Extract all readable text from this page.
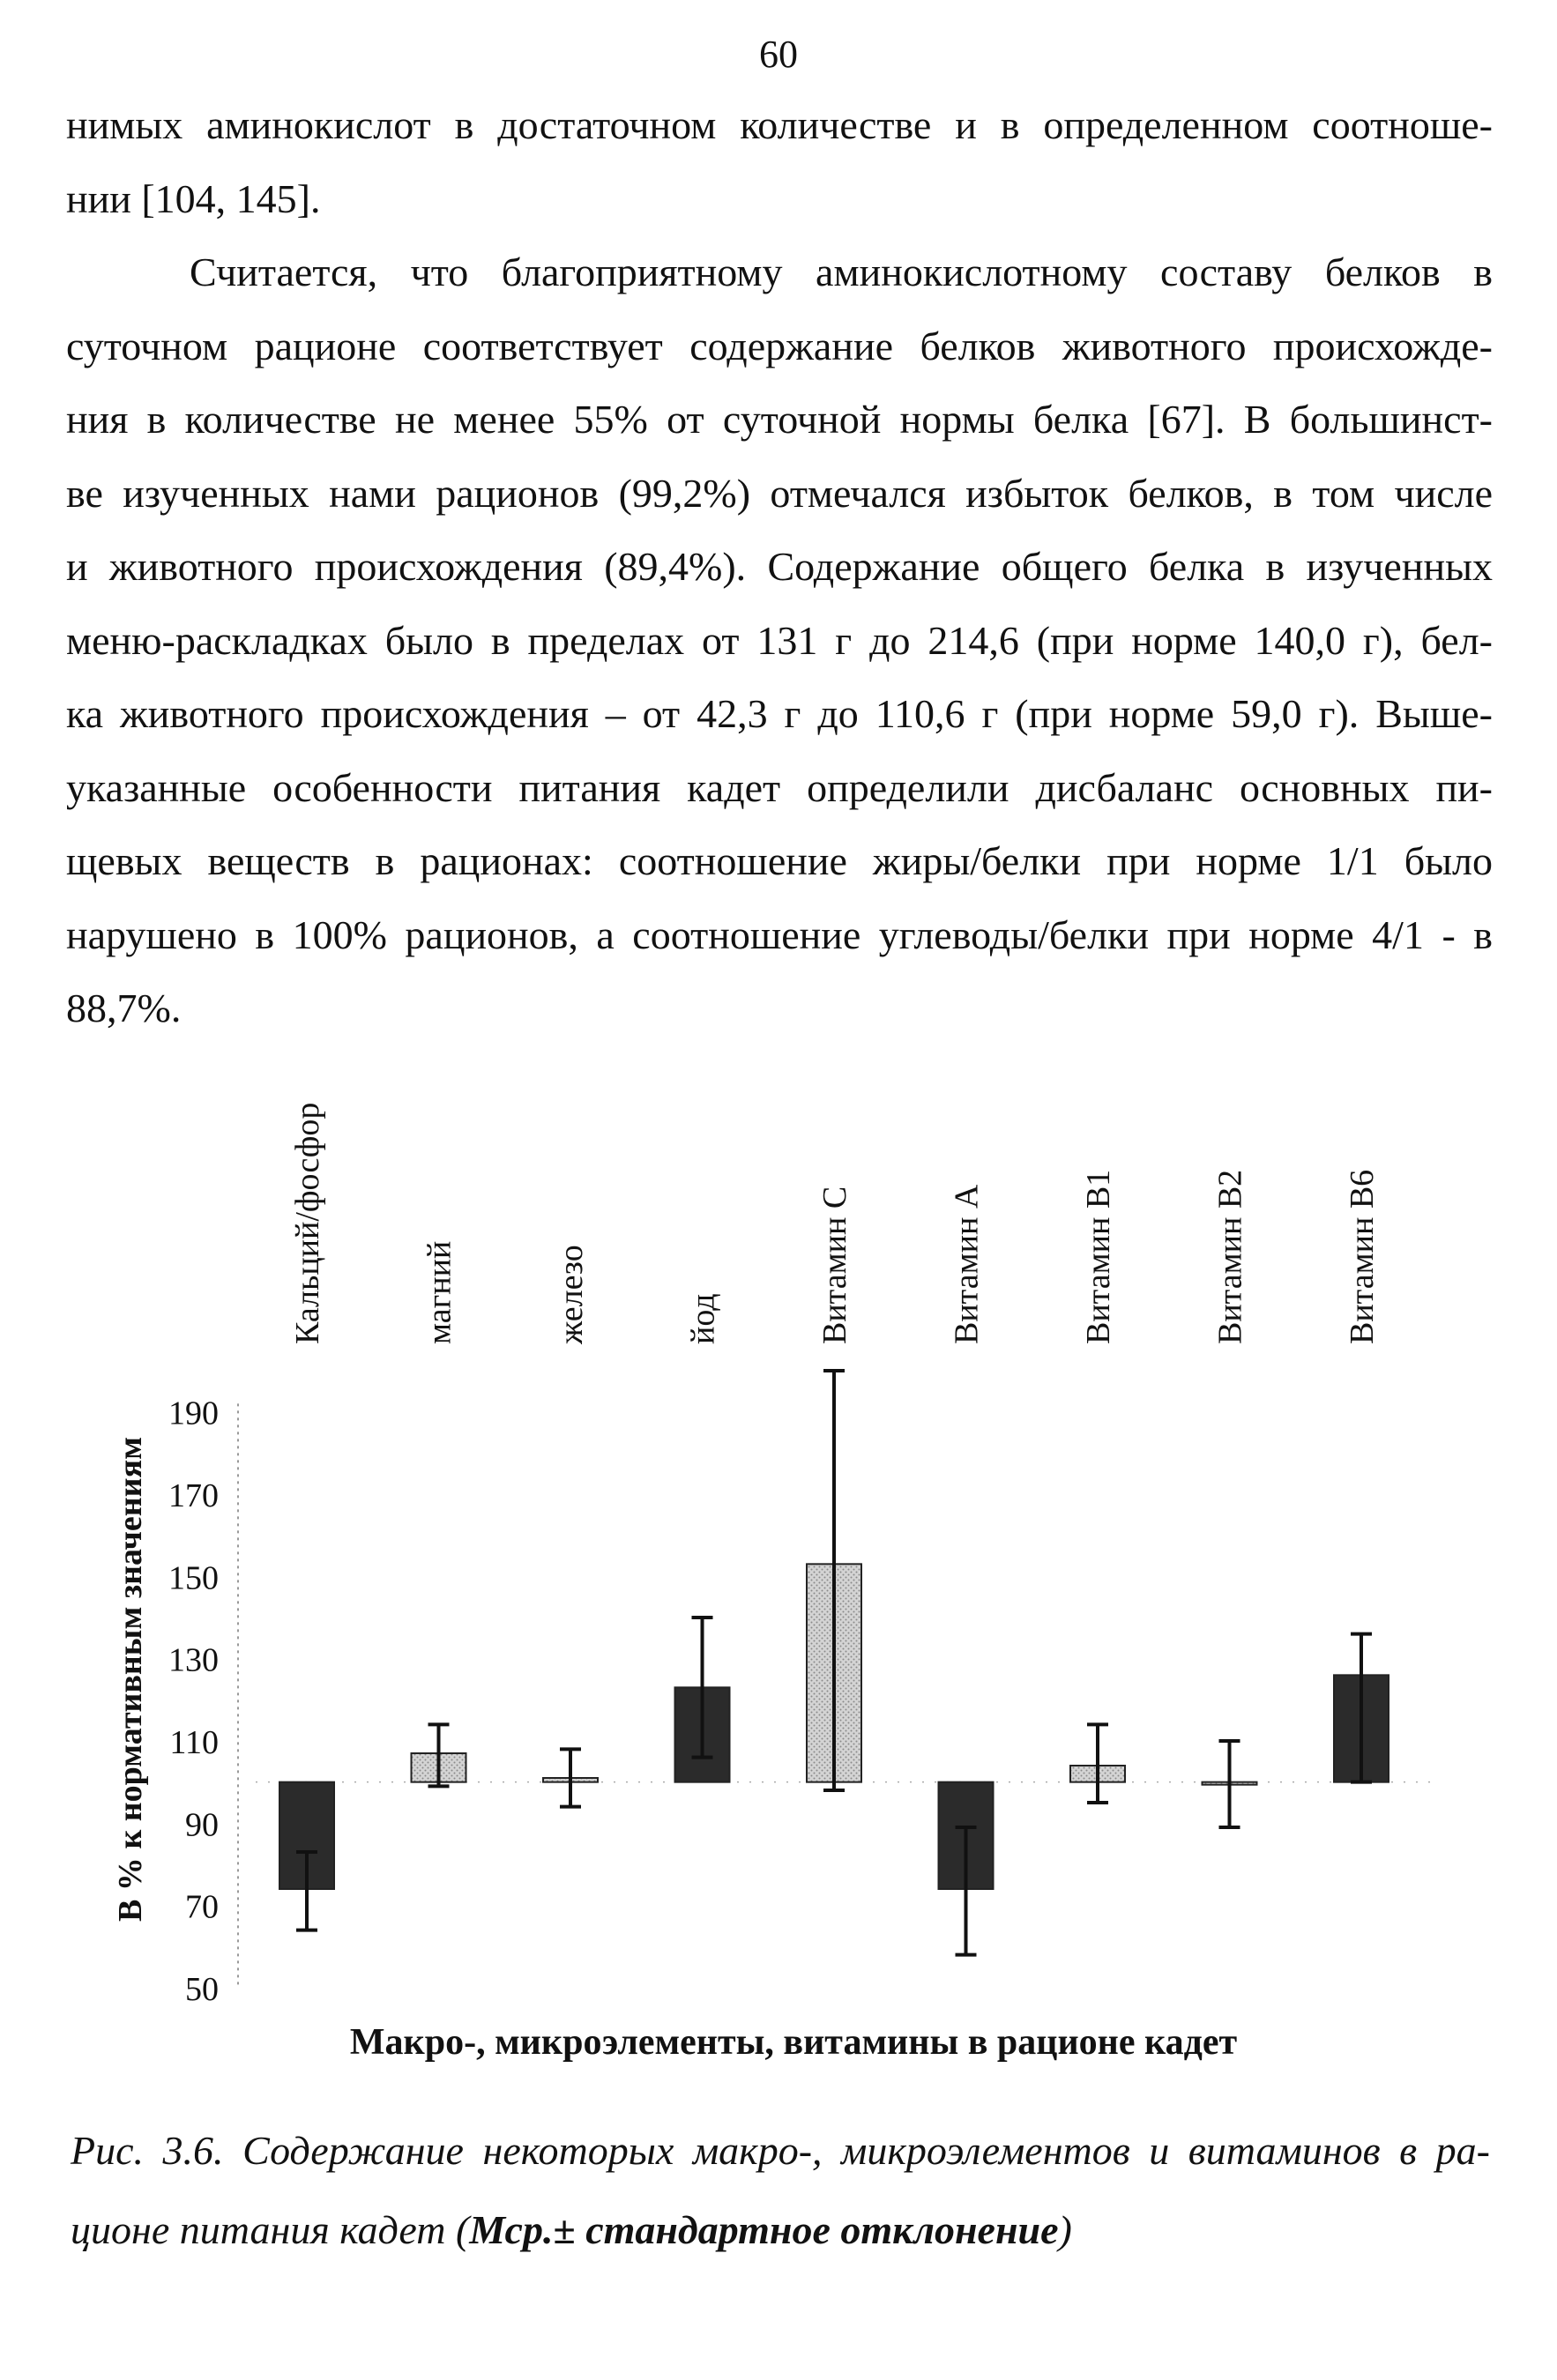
60

нимых аминокислот в достаточном количестве и в определенном соотноше-

нии [104, 145].

Считается, что благоприятному аминокислотному составу белков в

суточном рационе соответствует содержание белков животного происхожде-

ния в количестве не менее 55% от суточной нормы белка [67]. В большинст-

ве изученных нами рационов (99,2%) отмечался избыток белков, в том числе

и животного происхождения (89,4%). Содержание общего белка в изученных

меню-раскладках было в пределах от 131 г до 214,6 (при норме 140,0 г), бел-

ка животного происхождения – от 42,3 г до 110,6 г (при норме 59,0 г). Выше-

указанные особенности питания кадет определили дисбаланс основных пи-

щевых веществ в рационах: соотношение жиры/белки при норме 1/1 было

нарушено в 100% рационов, а соотношение углеводы/белки при норме 4/1 - в

88,7%.

50
70
90
110
130
150
170
190
В % к нормативным значениям
Кальций/фосфор	магний	железо	йод	Витамин С	Витамин А	Витамин В1	Витамин В2	Витамин В6
Макро-, микроэлементы, витамины в рационе кадет

Рис. 3.6. Содержание некоторых макро-, микроэлементов и витаминов в ра-

ционе питания кадет (Мср.± стандартное отклонение)
